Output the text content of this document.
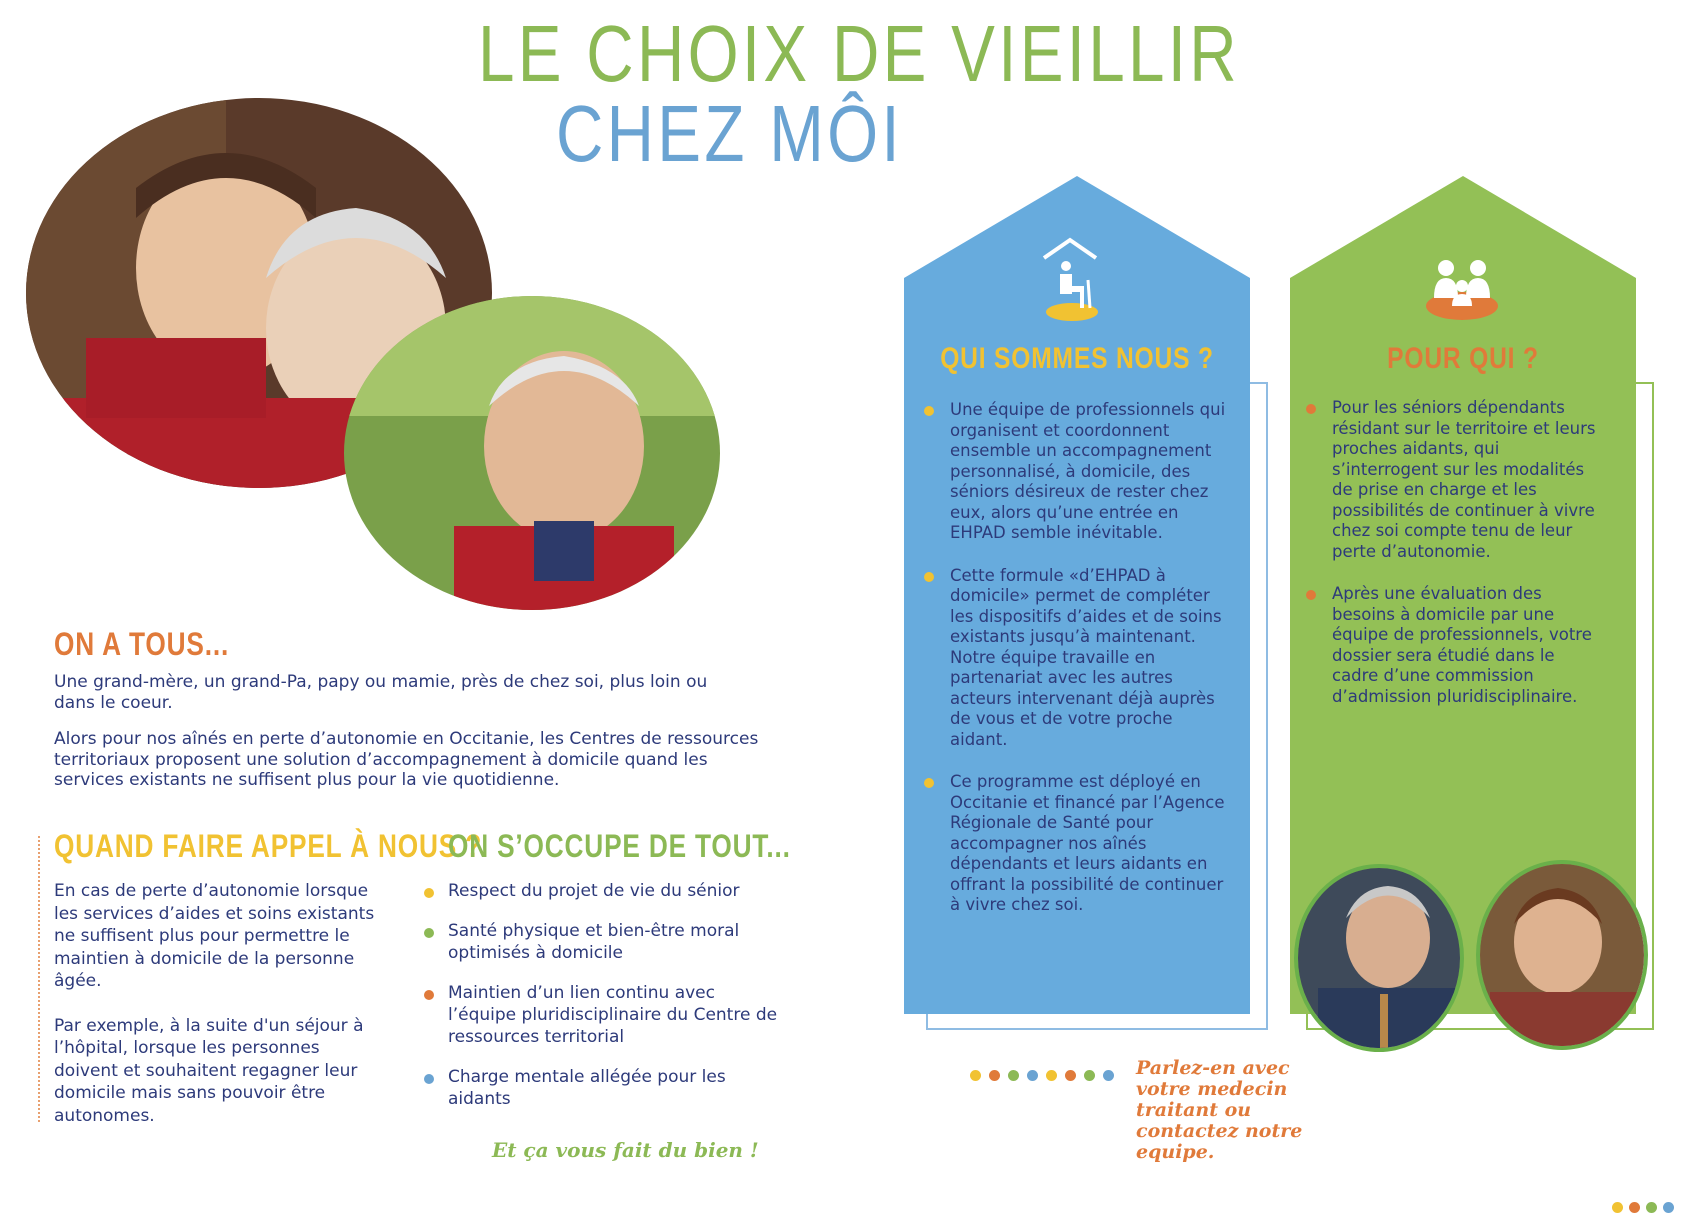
LE CHOIX DE VIEILLIR
CHEZ MÔI
ON A TOUS...

Une grand-mère, un grand-Pa, papy ou mamie, près de chez soi, plus loin ou dans le coeur.

Alors pour nos aînés en perte d’autonomie en Occitanie, les Centres de ressources territoriaux proposent une solution d’accompagnement à domicile quand les services existants ne suffisent plus pour la vie quotidienne.

QUAND FAIRE APPEL À NOUS ?

En cas de perte d’autonomie lorsque les services d’aides et soins existants ne suffisent plus pour permettre le maintien à domicile de la personne âgée.

Par exemple, à la suite d'un séjour à l’hôpital, lorsque les personnes doivent et souhaitent regagner leur domicile mais sans pouvoir être autonomes.

ON S’OCCUPE DE TOUT...
Respect du projet de vie du sénior
Santé physique et bien-être moral optimisés à domicile
Maintien d’un lien continu avec l’équipe pluridisciplinaire du Centre de ressources territorial
Charge mentale allégée pour les aidants
Et ça vous fait du bien !
QUI SOMMES NOUS ?
Une équipe de professionnels qui organisent et coordonnent ensemble un accompagnement personnalisé, à domicile, des séniors désireux de rester chez eux, alors qu’une entrée en EHPAD semble inévitable.
Cette formule «d’EHPAD à domicile» permet de compléter les dispositifs d’aides et de soins existants jusqu’à maintenant. Notre équipe travaille en partenariat avec les autres acteurs intervenant déjà auprès de vous et de votre proche aidant.
Ce programme est déployé en Occitanie et financé par l’Agence Régionale de Santé pour accompagner nos aînés dépendants et leurs aidants en offrant la possibilité de continuer à vivre chez soi.
POUR QUI ?
Pour les séniors dépendants résidant sur le territoire et leurs proches aidants, qui s’interrogent sur les modalités de prise en charge et les possibilités de continuer à vivre chez soi compte tenu de leur perte d’autonomie.
Après une évaluation des besoins à domicile par une équipe de professionnels, votre dossier sera étudié dans le cadre d’une commission d’admission pluridisciplinaire.
Parlez-en avec votre medecin traitant ou contactez notre equipe.
